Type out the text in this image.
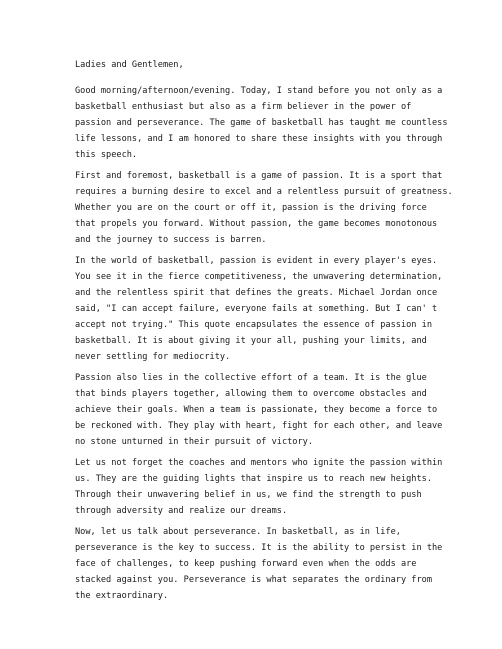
Ladies and Gentlemen,
Good morning/afternoon/evening. Today, I stand before you not only as a
basketball enthusiast but also as a firm believer in the power of
passion and perseverance. The game of basketball has taught me countless
life lessons, and I am honored to share these insights with you through
this speech.
First and foremost, basketball is a game of passion. It is a sport that
requires a burning desire to excel and a relentless pursuit of greatness.
Whether you are on the court or off it, passion is the driving force
that propels you forward. Without passion, the game becomes monotonous
and the journey to success is barren.
In the world of basketball, passion is evident in every player's eyes.
You see it in the fierce competitiveness, the unwavering determination,
and the relentless spirit that defines the greats. Michael Jordan once
said, "I can accept failure, everyone fails at something. But I can' t
accept not trying." This quote encapsulates the essence of passion in
basketball. It is about giving it your all, pushing your limits, and
never settling for mediocrity.
Passion also lies in the collective effort of a team. It is the glue
that binds players together, allowing them to overcome obstacles and
achieve their goals. When a team is passionate, they become a force to
be reckoned with. They play with heart, fight for each other, and leave
no stone unturned in their pursuit of victory.
Let us not forget the coaches and mentors who ignite the passion within
us. They are the guiding lights that inspire us to reach new heights.
Through their unwavering belief in us, we find the strength to push
through adversity and realize our dreams.
Now, let us talk about perseverance. In basketball, as in life,
perseverance is the key to success. It is the ability to persist in the
face of challenges, to keep pushing forward even when the odds are
stacked against you. Perseverance is what separates the ordinary from
the extraordinary.
